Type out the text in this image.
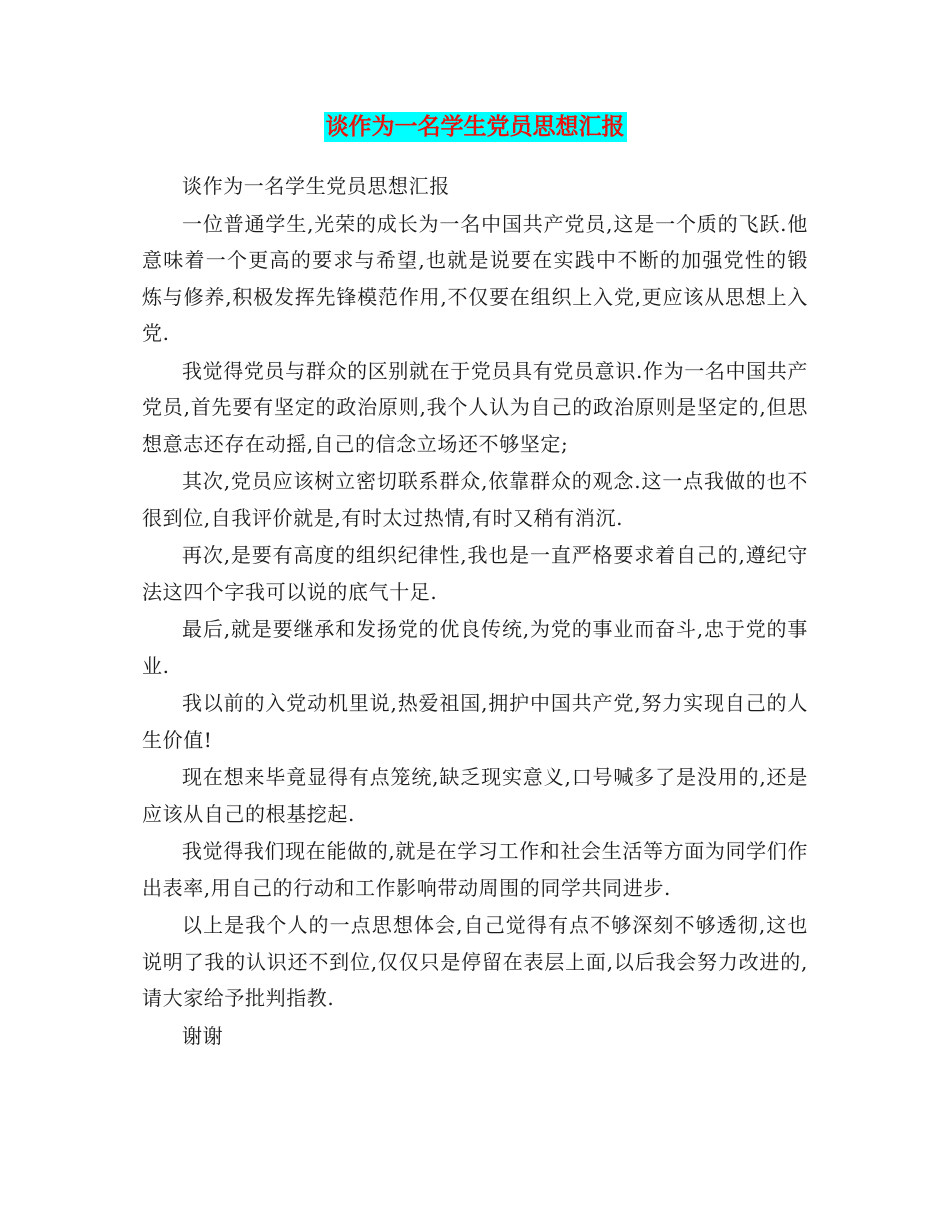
谈作为一名学生党员思想汇报

谈作为一名学生党员思想汇报

一位普通学生,光荣的成长为一名中国共产党员,这是一个质的飞跃.他意味着一个更高的要求与希望,也就是说要在实践中不断的加强党性的锻炼与修养,积极发挥先锋模范作用,不仅要在组织上入党,更应该从思想上入党.

我觉得党员与群众的区别就在于党员具有党员意识.作为一名中国共产党员,首先要有坚定的政治原则,我个人认为自己的政治原则是坚定的,但思想意志还存在动摇,自己的信念立场还不够坚定;

其次,党员应该树立密切联系群众,依靠群众的观念.这一点我做的也不很到位,自我评价就是,有时太过热情,有时又稍有消沉.

再次,是要有高度的组织纪律性,我也是一直严格要求着自己的,遵纪守法这四个字我可以说的底气十足.

最后,就是要继承和发扬党的优良传统,为党的事业而奋斗,忠于党的事业.

我以前的入党动机里说,热爱祖国,拥护中国共产党,努力实现自己的人生价值!

现在想来毕竟显得有点笼统,缺乏现实意义,口号喊多了是没用的,还是应该从自己的根基挖起.

我觉得我们现在能做的,就是在学习工作和社会生活等方面为同学们作出表率,用自己的行动和工作影响带动周围的同学共同进步.

以上是我个人的一点思想体会,自己觉得有点不够深刻不够透彻,这也说明了我的认识还不到位,仅仅只是停留在表层上面,以后我会努力改进的,请大家给予批判指教.

谢谢
